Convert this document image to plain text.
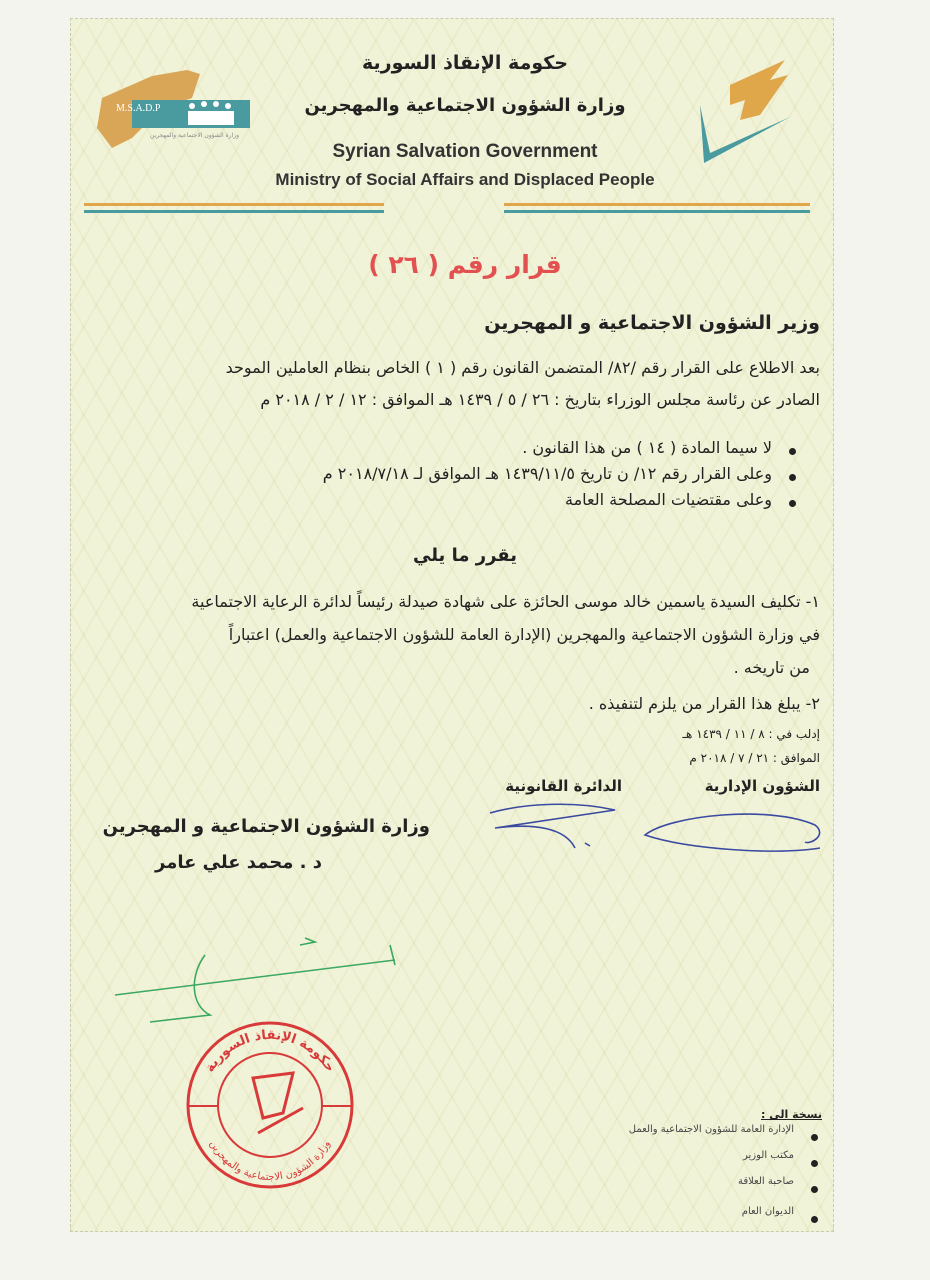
M.S.A.D.P
وزارة الشؤون الاجتماعية والمهجرين
حكومة الإنقاذ السورية
وزارة الشؤون الاجتماعية والمهجرين
Syrian Salvation Government
Ministry of Social Affairs and Displaced People
قرار رقم ( ٢٦ )
وزير الشؤون الاجتماعية و المهجرين
بعد الاطلاع على القرار رقم /٨٢/ المتضمن القانون رقم ( ١ ) الخاص بنظام العاملين الموحد
الصادر عن رئاسة مجلس الوزراء بتاريخ : ٢٦ / ٥ / ١٤٣٩ هـ الموافق : ١٢ / ٢ / ٢٠١٨ م
لا سيما المادة ( ١٤ ) من هذا القانون .
وعلى القرار رقم ١٢/ ن تاريخ ١٤٣٩/١١/٥ هـ الموافق لـ ٢٠١٨/٧/١٨ م
وعلى مقتضيات المصلحة العامة
يقرر ما يلي
١- تكليف السيدة ياسمين خالد موسى الحائزة على شهادة صيدلة رئيساً لدائرة الرعاية الاجتماعية
في وزارة الشؤون الاجتماعية والمهجرين (الإدارة العامة للشؤون الاجتماعية والعمل) اعتباراً
من تاريخه .
٢- يبلغ هذا القرار من يلزم لتنفيذه .
إدلب في : ٨ / ١١ / ١٤٣٩ هـ
الموافق : ٢١ / ٧ / ٢٠١٨ م
الشؤون الإدارية
الدائرة القانونية
وزارة الشؤون الاجتماعية و المهجرين
د . محمد علي عامر
حكومة الإنقاذ السورية
وزارة الشؤون الاجتماعية والمهجرين
نسخة الى :
الإدارة العامة للشؤون الاجتماعية والعمل
مكتب الوزير
صاحبة العلاقة
الديوان العام
